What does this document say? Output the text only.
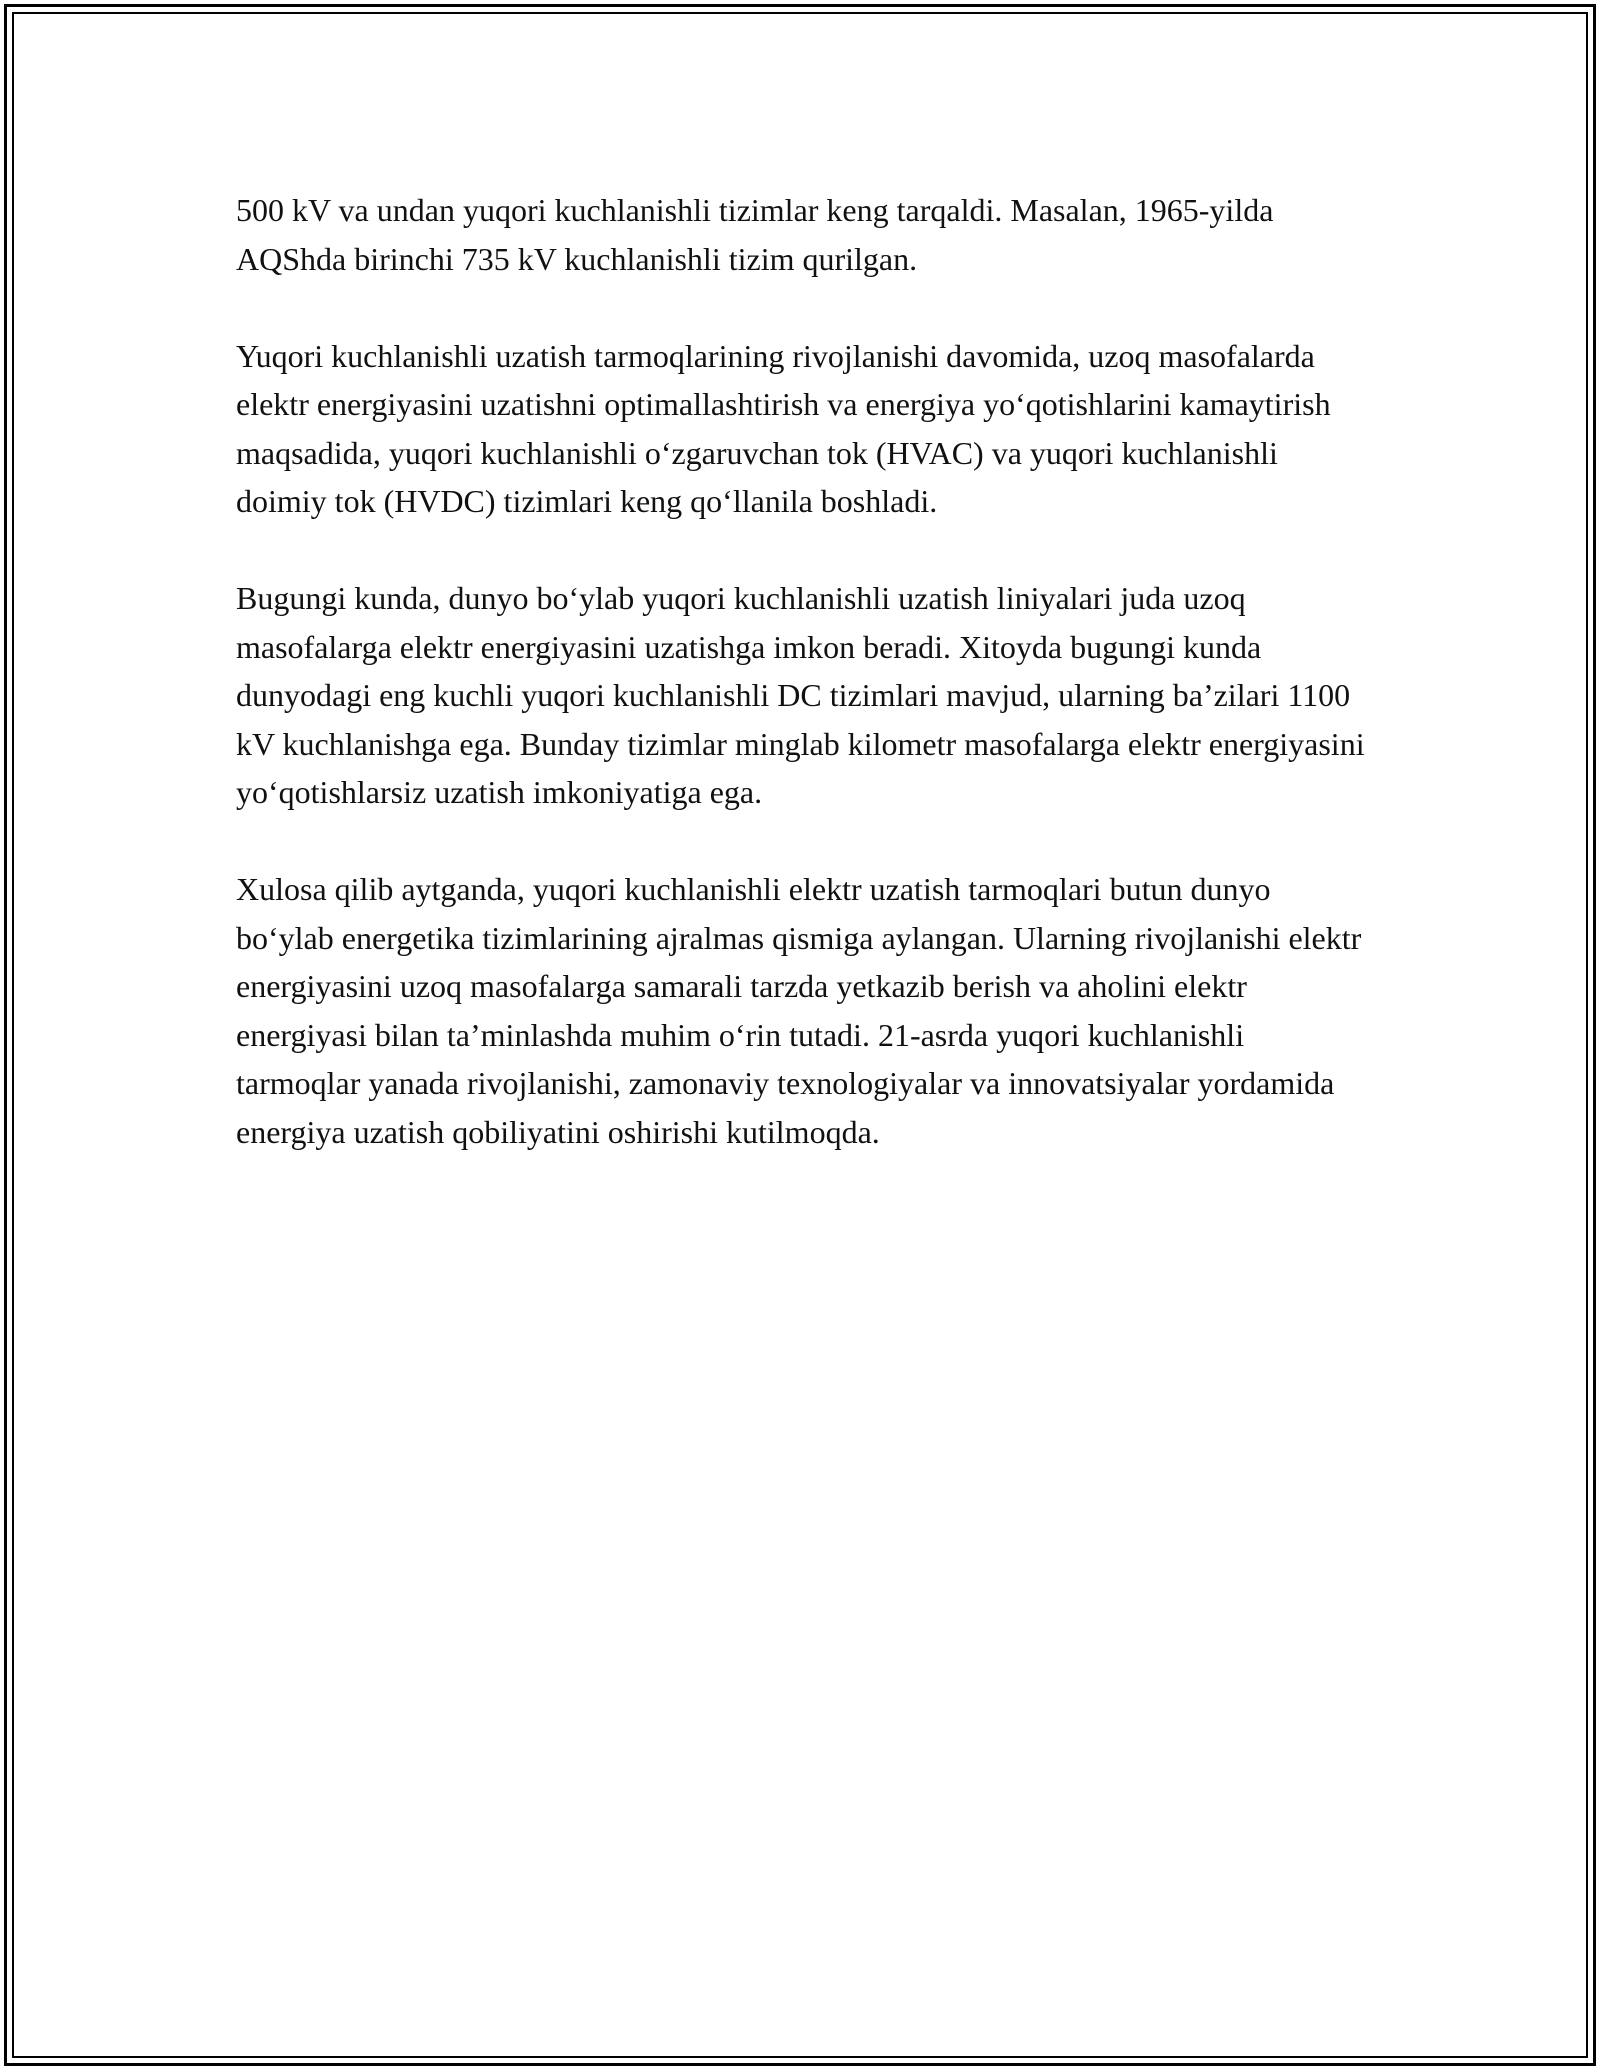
500 kV va undan yuqori kuchlanishli tizimlar keng tarqaldi. Masalan, 1965-yilda AQShda birinchi 735 kV kuchlanishli tizim qurilgan.

Yuqori kuchlanishli uzatish tarmoqlarining rivojlanishi davomida, uzoq masofalarda elektr energiyasini uzatishni optimallashtirish va energiya yo‘qotishlarini kamaytirish maqsadida, yuqori kuchlanishli o‘zgaruvchan tok (HVAC) va yuqori kuchlanishli doimiy tok (HVDC) tizimlari keng qo‘llanila boshladi.

Bugungi kunda, dunyo bo‘ylab yuqori kuchlanishli uzatish liniyalari juda uzoq masofalarga elektr energiyasini uzatishga imkon beradi. Xitoyda bugungi kunda dunyodagi eng kuchli yuqori kuchlanishli DC tizimlari mavjud, ularning ba’zilari 1100 kV kuchlanishga ega. Bunday tizimlar minglab kilometr masofalarga elektr energiyasini yo‘qotishlarsiz uzatish imkoniyatiga ega.

Xulosa qilib aytganda, yuqori kuchlanishli elektr uzatish tarmoqlari butun dunyo bo‘ylab energetika tizimlarining ajralmas qismiga aylangan. Ularning rivojlanishi elektr energiyasini uzoq masofalarga samarali tarzda yetkazib berish va aholini elektr energiyasi bilan ta’minlashda muhim o‘rin tutadi. 21-asrda yuqori kuchlanishli tarmoqlar yanada rivojlanishi, zamonaviy texnologiyalar va innovatsiyalar yordamida energiya uzatish qobiliyatini oshirishi kutilmoqda.
